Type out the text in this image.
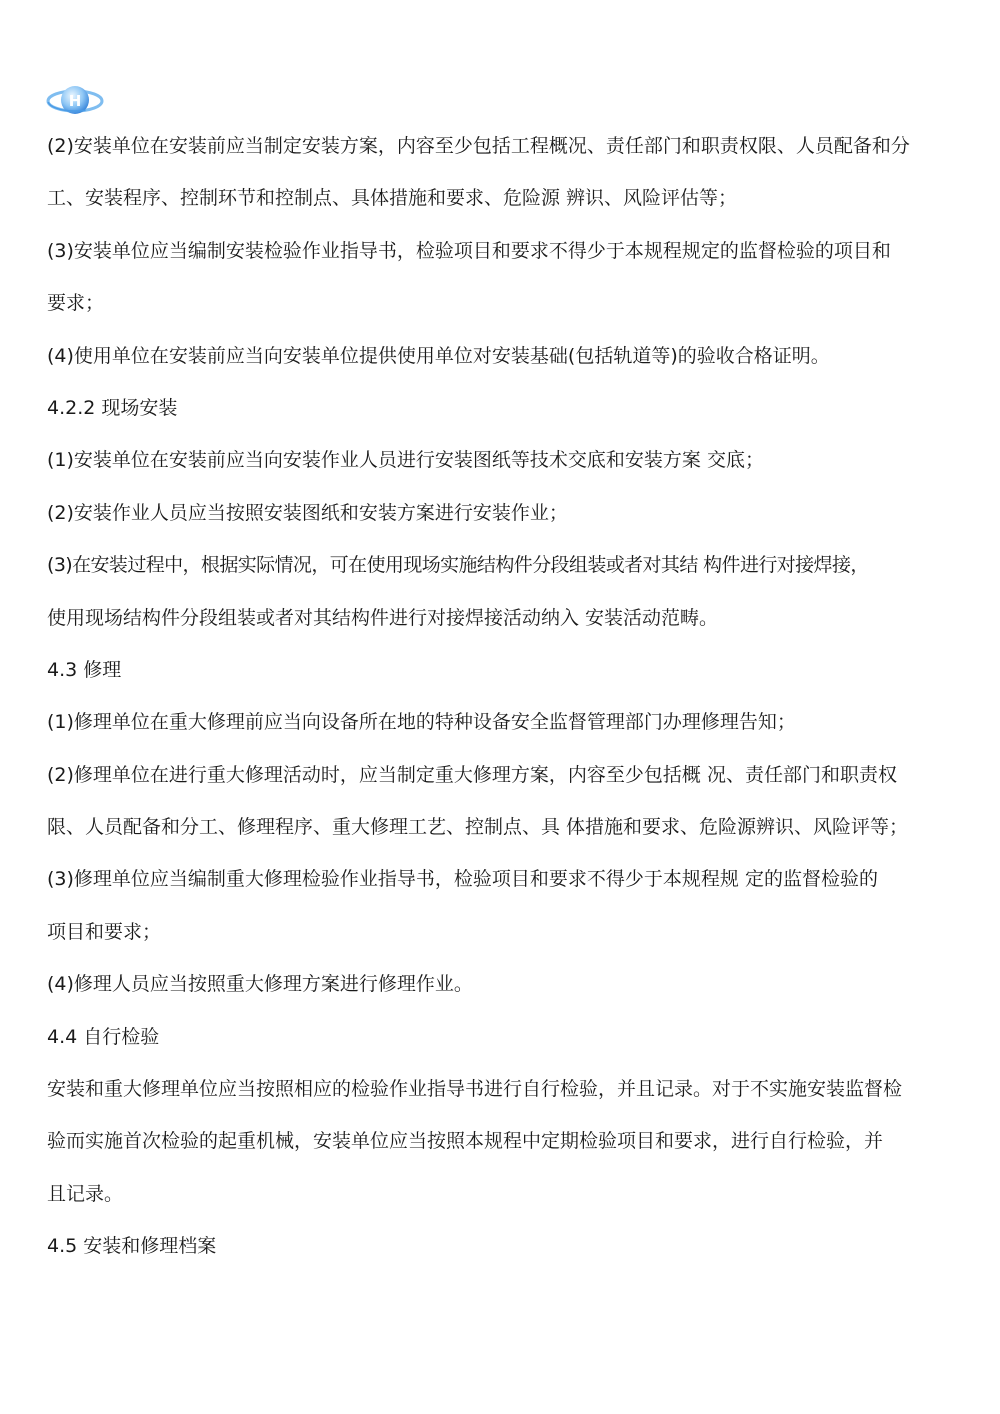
H
(2)安装单位在安装前应当制定安装方案，内容至少包括工程概况、责任部门和职责权限、人员配备和分
工、安装程序、控制环节和控制点、具体措施和要求、危险源 辨识、风险评估等；
(3)安装单位应当编制安装检验作业指导书，检验项目和要求不得少于本规程规定的监督检验的项目和
要求；
(4)使用单位在安装前应当向安装单位提供使用单位对安装基础(包括轨道等)的验收合格证明。
4.2.2 现场安装
(1)安装单位在安装前应当向安装作业人员进行安装图纸等技术交底和安装方案 交底；
(2)安装作业人员应当按照安装图纸和安装方案进行安装作业；
(3)在安装过程中，根据实际情况，可在使用现场实施结构件分段组装或者对其结 构件进行对接焊接，
使用现场结构件分段组装或者对其结构件进行对接焊接活动纳入 安装活动范畴。
4.3 修理
(1)修理单位在重大修理前应当向设备所在地的特种设备安全监督管理部门办理修理告知；
(2)修理单位在进行重大修理活动时，应当制定重大修理方案，内容至少包括概 况、责任部门和职责权
限、人员配备和分工、修理程序、重大修理工艺、控制点、具 体措施和要求、危险源辨识、风险评等；
(3)修理单位应当编制重大修理检验作业指导书，检验项目和要求不得少于本规程规 定的监督检验的
项目和要求；
(4)修理人员应当按照重大修理方案进行修理作业。
4.4 自行检验
安装和重大修理单位应当按照相应的检验作业指导书进行自行检验，并且记录。对于不实施安装监督检
验而实施首次检验的起重机械，安装单位应当按照本规程中定期检验项目和要求，进行自行检验，并
且记录。
4.5 安装和修理档案
